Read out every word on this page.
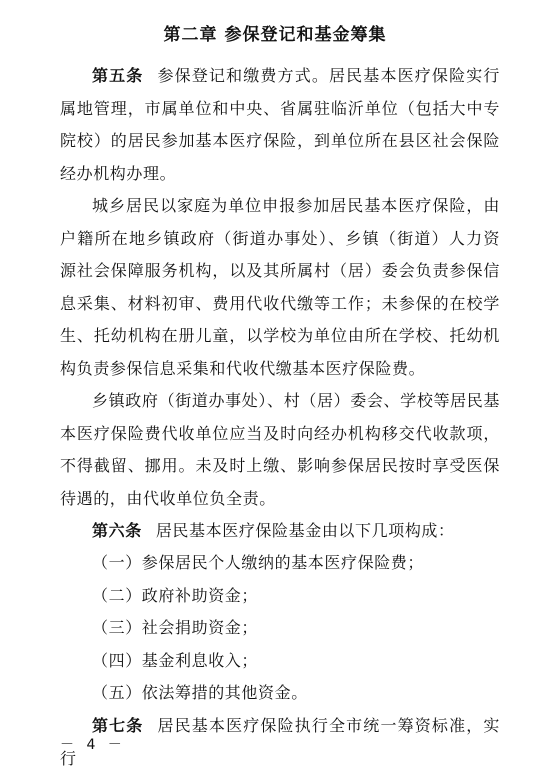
第二章 参保登记和基金筹集

第五条 参保登记和缴费方式。居民基本医疗保险实行属地管理，市属单位和中央、省属驻临沂单位（包括大中专院校）的居民参加基本医疗保险，到单位所在县区社会保险经办机构办理。

城乡居民以家庭为单位申报参加居民基本医疗保险，由户籍所在地乡镇政府（街道办事处）、乡镇（街道）人力资源社会保障服务机构，以及其所属村（居）委会负责参保信息采集、材料初审、费用代收代缴等工作；未参保的在校学生、托幼机构在册儿童，以学校为单位由所在学校、托幼机构负责参保信息采集和代收代缴基本医疗保险费。

乡镇政府（街道办事处）、村（居）委会、学校等居民基本医疗保险费代收单位应当及时向经办机构移交代收款项，不得截留、挪用。未及时上缴、影响参保居民按时享受医保待遇的，由代收单位负全责。

第六条 居民基本医疗保险基金由以下几项构成：

（一）参保居民个人缴纳的基本医疗保险费；

（二）政府补助资金；

（三）社会捐助资金；

（四）基金利息收入；

（五）依法筹措的其他资金。

第七条 居民基本医疗保险执行全市统一筹资标准，实行

－ 4 －
